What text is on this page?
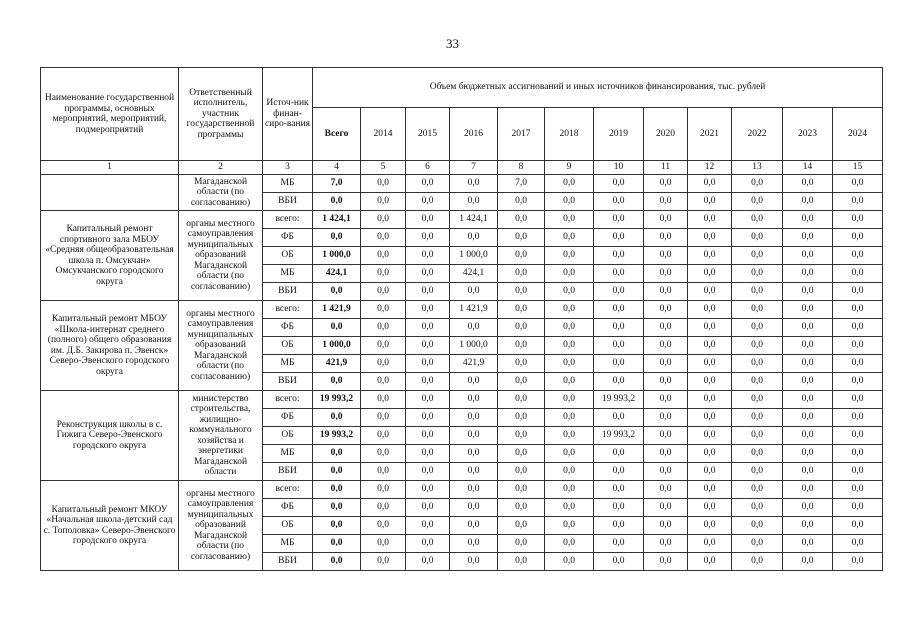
33
Наименование государственной программы, основных мероприятий, мероприятий, подмероприятий	Ответственный исполнитель, участник государственной программы	Источ-ник финан-сиро-вания	Объем бюджетных ассигнований и иных источников финансирования, тыс. рублей											
			Всего	2014	2015	2016	2017	2018	2019	2020	2021	2022	2023	2024
1	2	3	4	5	6	7	8	9	10	11	12	13	14	15
	Магаданской области (по согласованию)	МБ	7,0	0,0	0,0	0,0	7,0	0,0	0,0	0,0	0,0	0,0	0,0	0,0
		ВБИ	0,0	0,0	0,0	0,0	0,0	0,0	0,0	0,0	0,0	0,0	0,0	0,0
Капитальный ремонт спортивного зала МБОУ «Средняя общеобразовательная школа п. Омсукчан» Омсукчанского городского округа	органы местного самоуправления муниципальных образований Магаданской области (по согласованию)	всего:	1 424,1	0,0	0,0	1 424,1	0,0	0,0	0,0	0,0	0,0	0,0	0,0	0,0
		ФБ	0,0	0,0	0,0	0,0	0,0	0,0	0,0	0,0	0,0	0,0	0,0	0,0
		ОБ	1 000,0	0,0	0,0	1 000,0	0,0	0,0	0,0	0,0	0,0	0,0	0,0	0,0
		МБ	424,1	0,0	0,0	424,1	0,0	0,0	0,0	0,0	0,0	0,0	0,0	0,0
		ВБИ	0,0	0,0	0,0	0,0	0,0	0,0	0,0	0,0	0,0	0,0	0,0	0,0
Капитальный ремонт МБОУ «Школа-интернат среднего (полного) общего образования им. Д.Б. Закирова п. Эвенск» Северо-Эвенского городского округа	органы местного самоуправления муниципальных образований Магаданской области (по согласованию)	всего:	1 421,9	0,0	0,0	1 421,9	0,0	0,0	0,0	0,0	0,0	0,0	0,0	0,0
		ФБ	0,0	0,0	0,0	0,0	0,0	0,0	0,0	0,0	0,0	0,0	0,0	0,0
		ОБ	1 000,0	0,0	0,0	1 000,0	0,0	0,0	0,0	0,0	0,0	0,0	0,0	0,0
		МБ	421,9	0,0	0,0	421,9	0,0	0,0	0,0	0,0	0,0	0,0	0,0	0,0
		ВБИ	0,0	0,0	0,0	0,0	0,0	0,0	0,0	0,0	0,0	0,0	0,0	0,0
Реконструкция школы в с. Гижига Северо-Эвенского городского округа	министерство строительства, жилищно-коммунального хозяйства и энергетики Магаданской области	всего:	19 993,2	0,0	0,0	0,0	0,0	0,0	19 993,2	0,0	0,0	0,0	0,0	0,0
		ФБ	0,0	0,0	0,0	0,0	0,0	0,0	0,0	0,0	0,0	0,0	0,0	0,0
		ОБ	19 993,2	0,0	0,0	0,0	0,0	0,0	19 993,2	0,0	0,0	0,0	0,0	0,0
		МБ	0,0	0,0	0,0	0,0	0,0	0,0	0,0	0,0	0,0	0,0	0,0	0,0
		ВБИ	0,0	0,0	0,0	0,0	0,0	0,0	0,0	0,0	0,0	0,0	0,0	0,0
Капитальный ремонт МКОУ «Начальная школа-детский сад с. Тополовка» Северо-Эвенского городского округа	органы местного самоуправления муниципальных образований Магаданской области (по согласованию)	всего:	0,0	0,0	0,0	0,0	0,0	0,0	0,0	0,0	0,0	0,0	0,0	0,0
		ФБ	0,0	0,0	0,0	0,0	0,0	0,0	0,0	0,0	0,0	0,0	0,0	0,0
		ОБ	0,0	0,0	0,0	0,0	0,0	0,0	0,0	0,0	0,0	0,0	0,0	0,0
		МБ	0,0	0,0	0,0	0,0	0,0	0,0	0,0	0,0	0,0	0,0	0,0	0,0
		ВБИ	0,0	0,0	0,0	0,0	0,0	0,0	0,0	0,0	0,0	0,0	0,0	0,0
